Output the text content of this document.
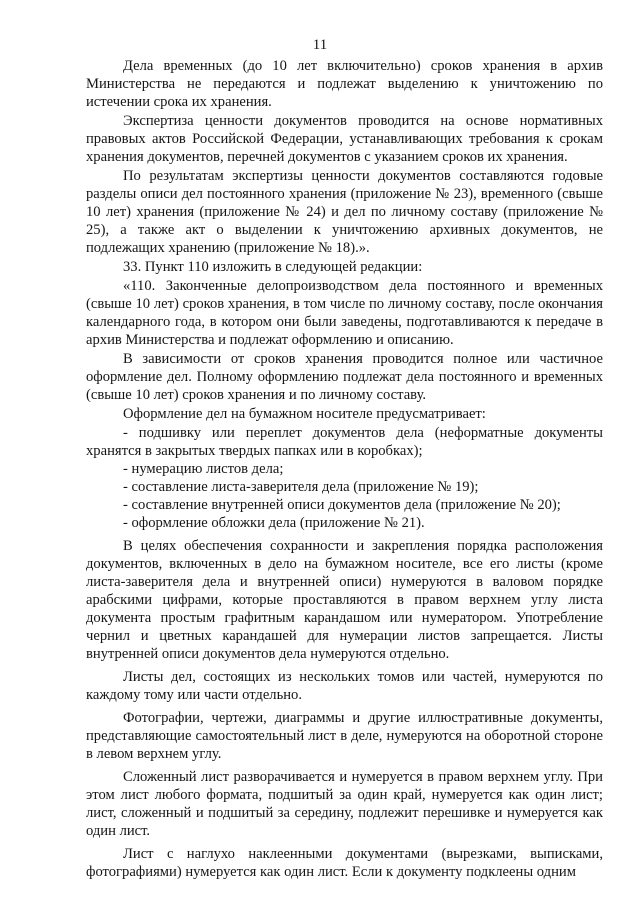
11

Дела временных (до 10 лет включительно) сроков хранения в архив Министерства не передаются и подлежат выделению к уничтожению по истечении срока их хранения.

Экспертиза ценности документов проводится на основе нормативных правовых актов Российской Федерации, устанавливающих требования к срокам хранения документов, перечней документов с указанием сроков их хранения.

По результатам экспертизы ценности документов составляются годовые разделы описи дел постоянного хранения (приложение № 23), временного (свыше 10 лет) хранения (приложение № 24) и дел по личному составу (приложение № 25), а также акт о выделении к уничтожению архивных документов, не подлежащих хранению (приложение № 18).».

33. Пункт 110 изложить в следующей редакции:

«110. Законченные делопроизводством дела постоянного и временных (свыше 10 лет) сроков хранения, в том числе по личному составу, после окончания календарного года, в котором они были заведены, подготавливаются к передаче в архив Министерства и подлежат оформлению и описанию.

В зависимости от сроков хранения проводится полное или частичное оформление дел. Полному оформлению подлежат дела постоянного и временных (свыше 10 лет) сроков хранения и по личному составу.

Оформление дел на бумажном носителе предусматривает:

- подшивку или переплет документов дела (неформатные документы хранятся в закрытых твердых папках или в коробках);

- нумерацию листов дела;

- составление листа-заверителя дела (приложение № 19);

- составление внутренней описи документов дела (приложение № 20);

- оформление обложки дела (приложение № 21).

В целях обеспечения сохранности и закрепления порядка расположения документов, включенных в дело на бумажном носителе, все его листы (кроме листа-заверителя дела и внутренней описи) нумеруются в валовом порядке арабскими цифрами, которые проставляются в правом верхнем углу листа документа простым графитным карандашом или нумератором. Употребление чернил и цветных карандашей для нумерации листов запрещается. Листы внутренней описи документов дела нумеруются отдельно.

Листы дел, состоящих из нескольких томов или частей, нумеруются по каждому тому или части отдельно.

Фотографии, чертежи, диаграммы и другие иллюстративные документы, представляющие самостоятельный лист в деле, нумеруются на оборотной стороне в левом верхнем углу.

Сложенный лист разворачивается и нумеруется в правом верхнем углу. При этом лист любого формата, подшитый за один край, нумеруется как один лист; лист, сложенный и подшитый за середину, подлежит перешивке и нумеруется как один лист.

Лист с наглухо наклеенными документами (вырезками, выписками, фотографиями) нумеруется как один лист. Если к документу подклеены одним
